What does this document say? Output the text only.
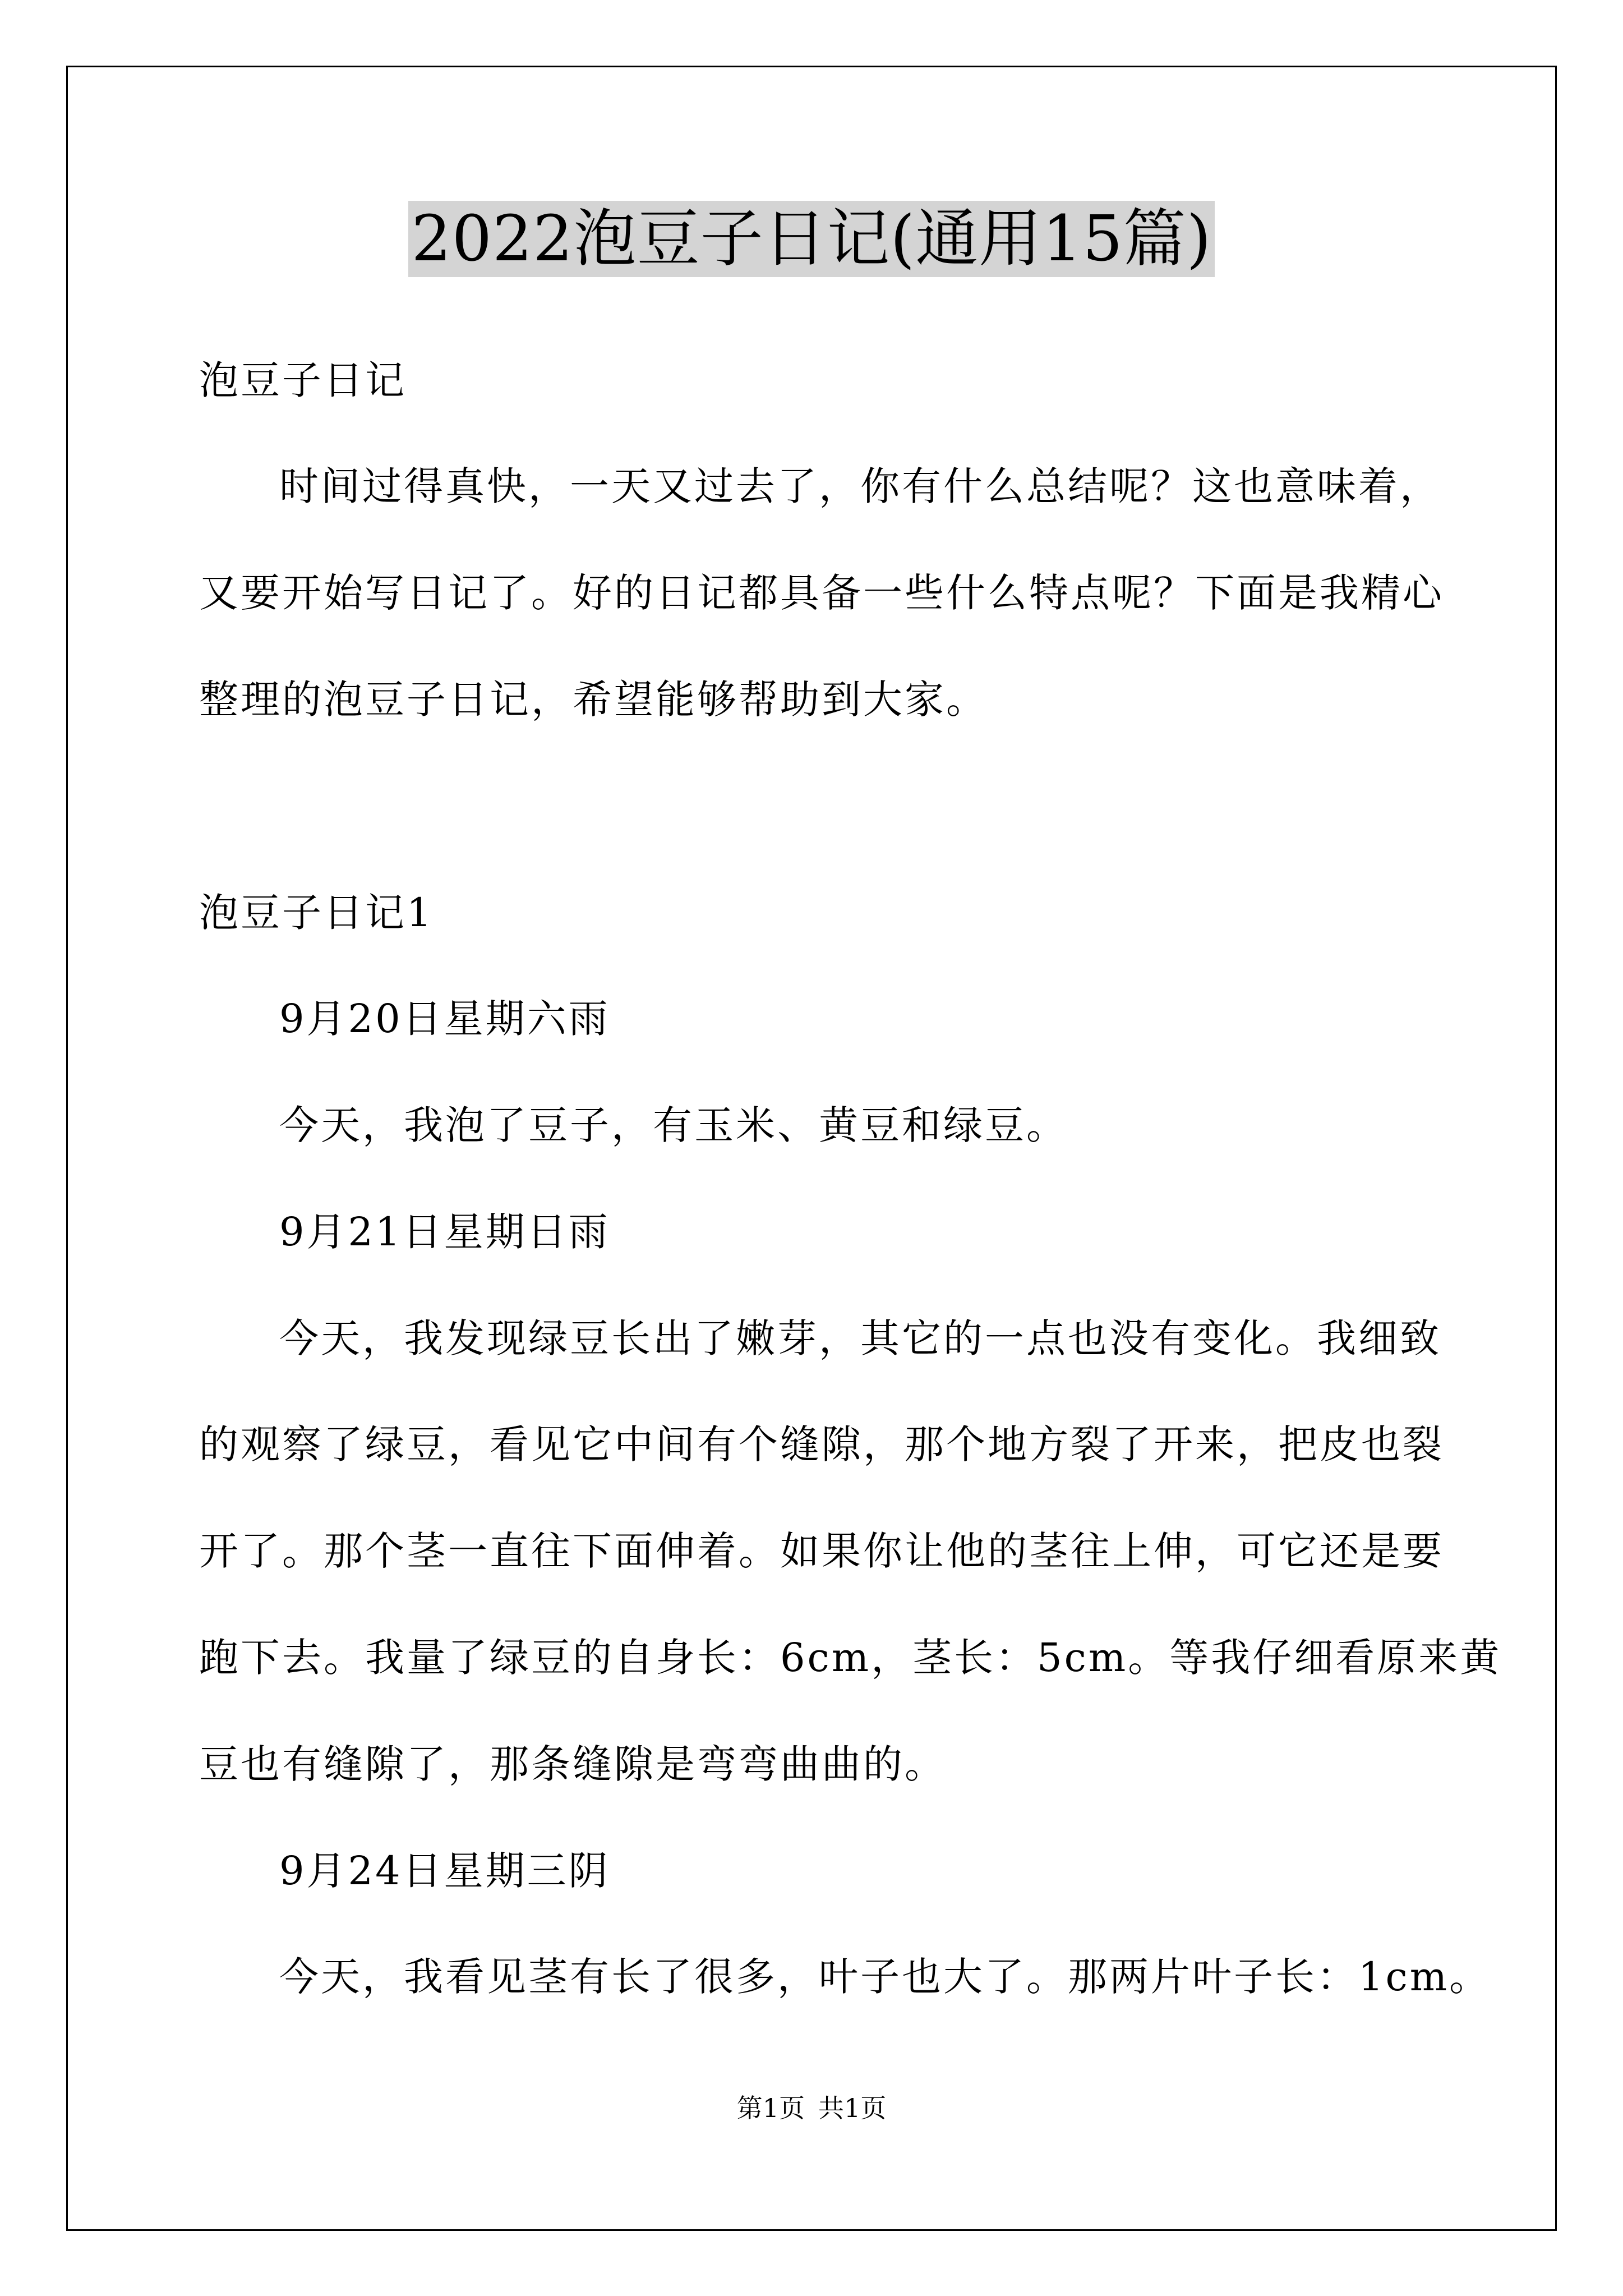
2022泡豆子日记(通用15篇)
泡豆子日记
时间过得真快，一天又过去了，你有什么总结呢？这也意味着，
又要开始写日记了。好的日记都具备一些什么特点呢？下面是我精心
整理的泡豆子日记，希望能够帮助到大家。
泡豆子日记1
9月20日星期六雨
今天，我泡了豆子，有玉米、黄豆和绿豆。
9月21日星期日雨
今天，我发现绿豆长出了嫩芽，其它的一点也没有变化。我细致
的观察了绿豆，看见它中间有个缝隙，那个地方裂了开来，把皮也裂
开了。那个茎一直往下面伸着。如果你让他的茎往上伸，可它还是要
跑下去。我量了绿豆的自身长：6cm，茎长：5cm。等我仔细看原来黄
豆也有缝隙了，那条缝隙是弯弯曲曲的。
9月24日星期三阴
今天，我看见茎有长了很多，叶子也大了。那两片叶子长：1cm。
第1页 共1页
